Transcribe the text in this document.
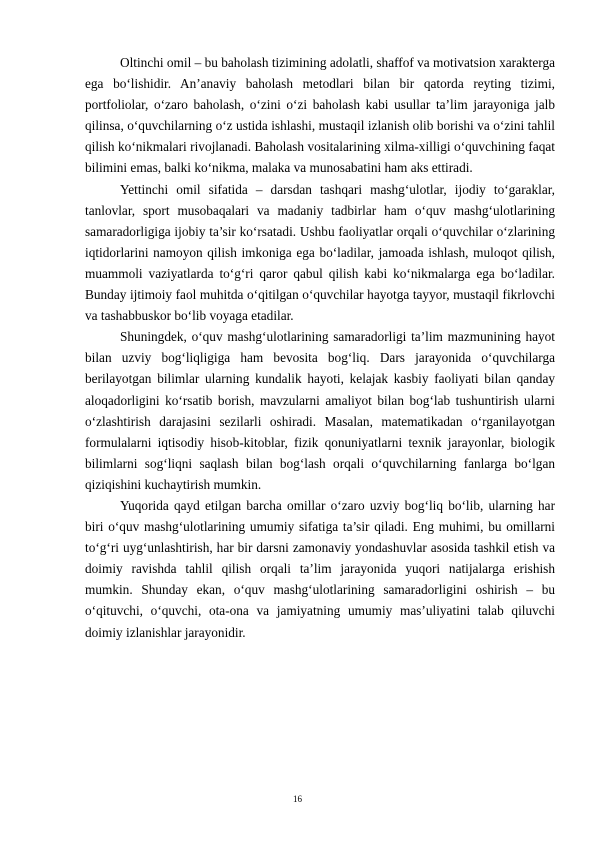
Oltinchi omil – bu baholash tizimining adolatli, shaffof va motivatsion xarakterga ega bo‘lishidir. An’anaviy baholash metodlari bilan bir qatorda reyting tizimi, portfoliolar, o‘zaro baholash, o‘zini o‘zi baholash kabi usullar ta’lim jarayoniga jalb qilinsa, o‘quvchilarning o‘z ustida ishlashi, mustaqil izlanish olib borishi va o‘zini tahlil qilish ko‘nikmalari rivojlanadi. Baholash vositalarining xilma-xilligi o‘quvchining faqat bilimini emas, balki ko‘nikma, malaka va munosabatini ham aks ettiradi.

Yettinchi omil sifatida – darsdan tashqari mashg‘ulotlar, ijodiy to‘garaklar, tanlovlar, sport musobaqalari va madaniy tadbirlar ham o‘quv mashg‘ulotlarining samaradorligiga ijobiy ta’sir ko‘rsatadi. Ushbu faoliyatlar orqali o‘quvchilar o‘zlarining iqtidorlarini namoyon qilish imkoniga ega bo‘ladilar, jamoada ishlash, muloqot qilish, muammoli vaziyatlarda to‘g‘ri qaror qabul qilish kabi ko‘nikmalarga ega bo‘ladilar. Bunday ijtimoiy faol muhitda o‘qitilgan o‘quvchilar hayotga tayyor, mustaqil fikrlovchi va tashabbuskor bo‘lib voyaga etadilar.

Shuningdek, o‘quv mashg‘ulotlarining samaradorligi ta’lim mazmunining hayot bilan uzviy bog‘liqligiga ham bevosita bog‘liq. Dars jarayonida o‘quvchilarga berilayotgan bilimlar ularning kundalik hayoti, kelajak kasbiy faoliyati bilan qanday aloqadorligini ko‘rsatib borish, mavzularni amaliyot bilan bog‘lab tushuntirish ularni o‘zlashtirish darajasini sezilarli oshiradi. Masalan, matematikadan o‘rganilayotgan formulalarni iqtisodiy hisob-kitoblar, fizik qonuniyatlarni texnik jarayonlar, biologik bilimlarni sog‘liqni saqlash bilan bog‘lash orqali o‘quvchilarning fanlarga bo‘lgan qiziqishini kuchaytirish mumkin.

Yuqorida qayd etilgan barcha omillar o‘zaro uzviy bog‘liq bo‘lib, ularning har biri o‘quv mashg‘ulotlarining umumiy sifatiga ta’sir qiladi. Eng muhimi, bu omillarni to‘g‘ri uyg‘unlashtirish, har bir darsni zamonaviy yondashuvlar asosida tashkil etish va doimiy ravishda tahlil qilish orqali ta’lim jarayonida yuqori natijalarga erishish mumkin. Shunday ekan, o‘quv mashg‘ulotlarining samaradorligini oshirish – bu o‘qituvchi, o‘quvchi, ota-ona va jamiyatning umumiy mas’uliyatini talab qiluvchi doimiy izlanishlar jarayonidir.

16
